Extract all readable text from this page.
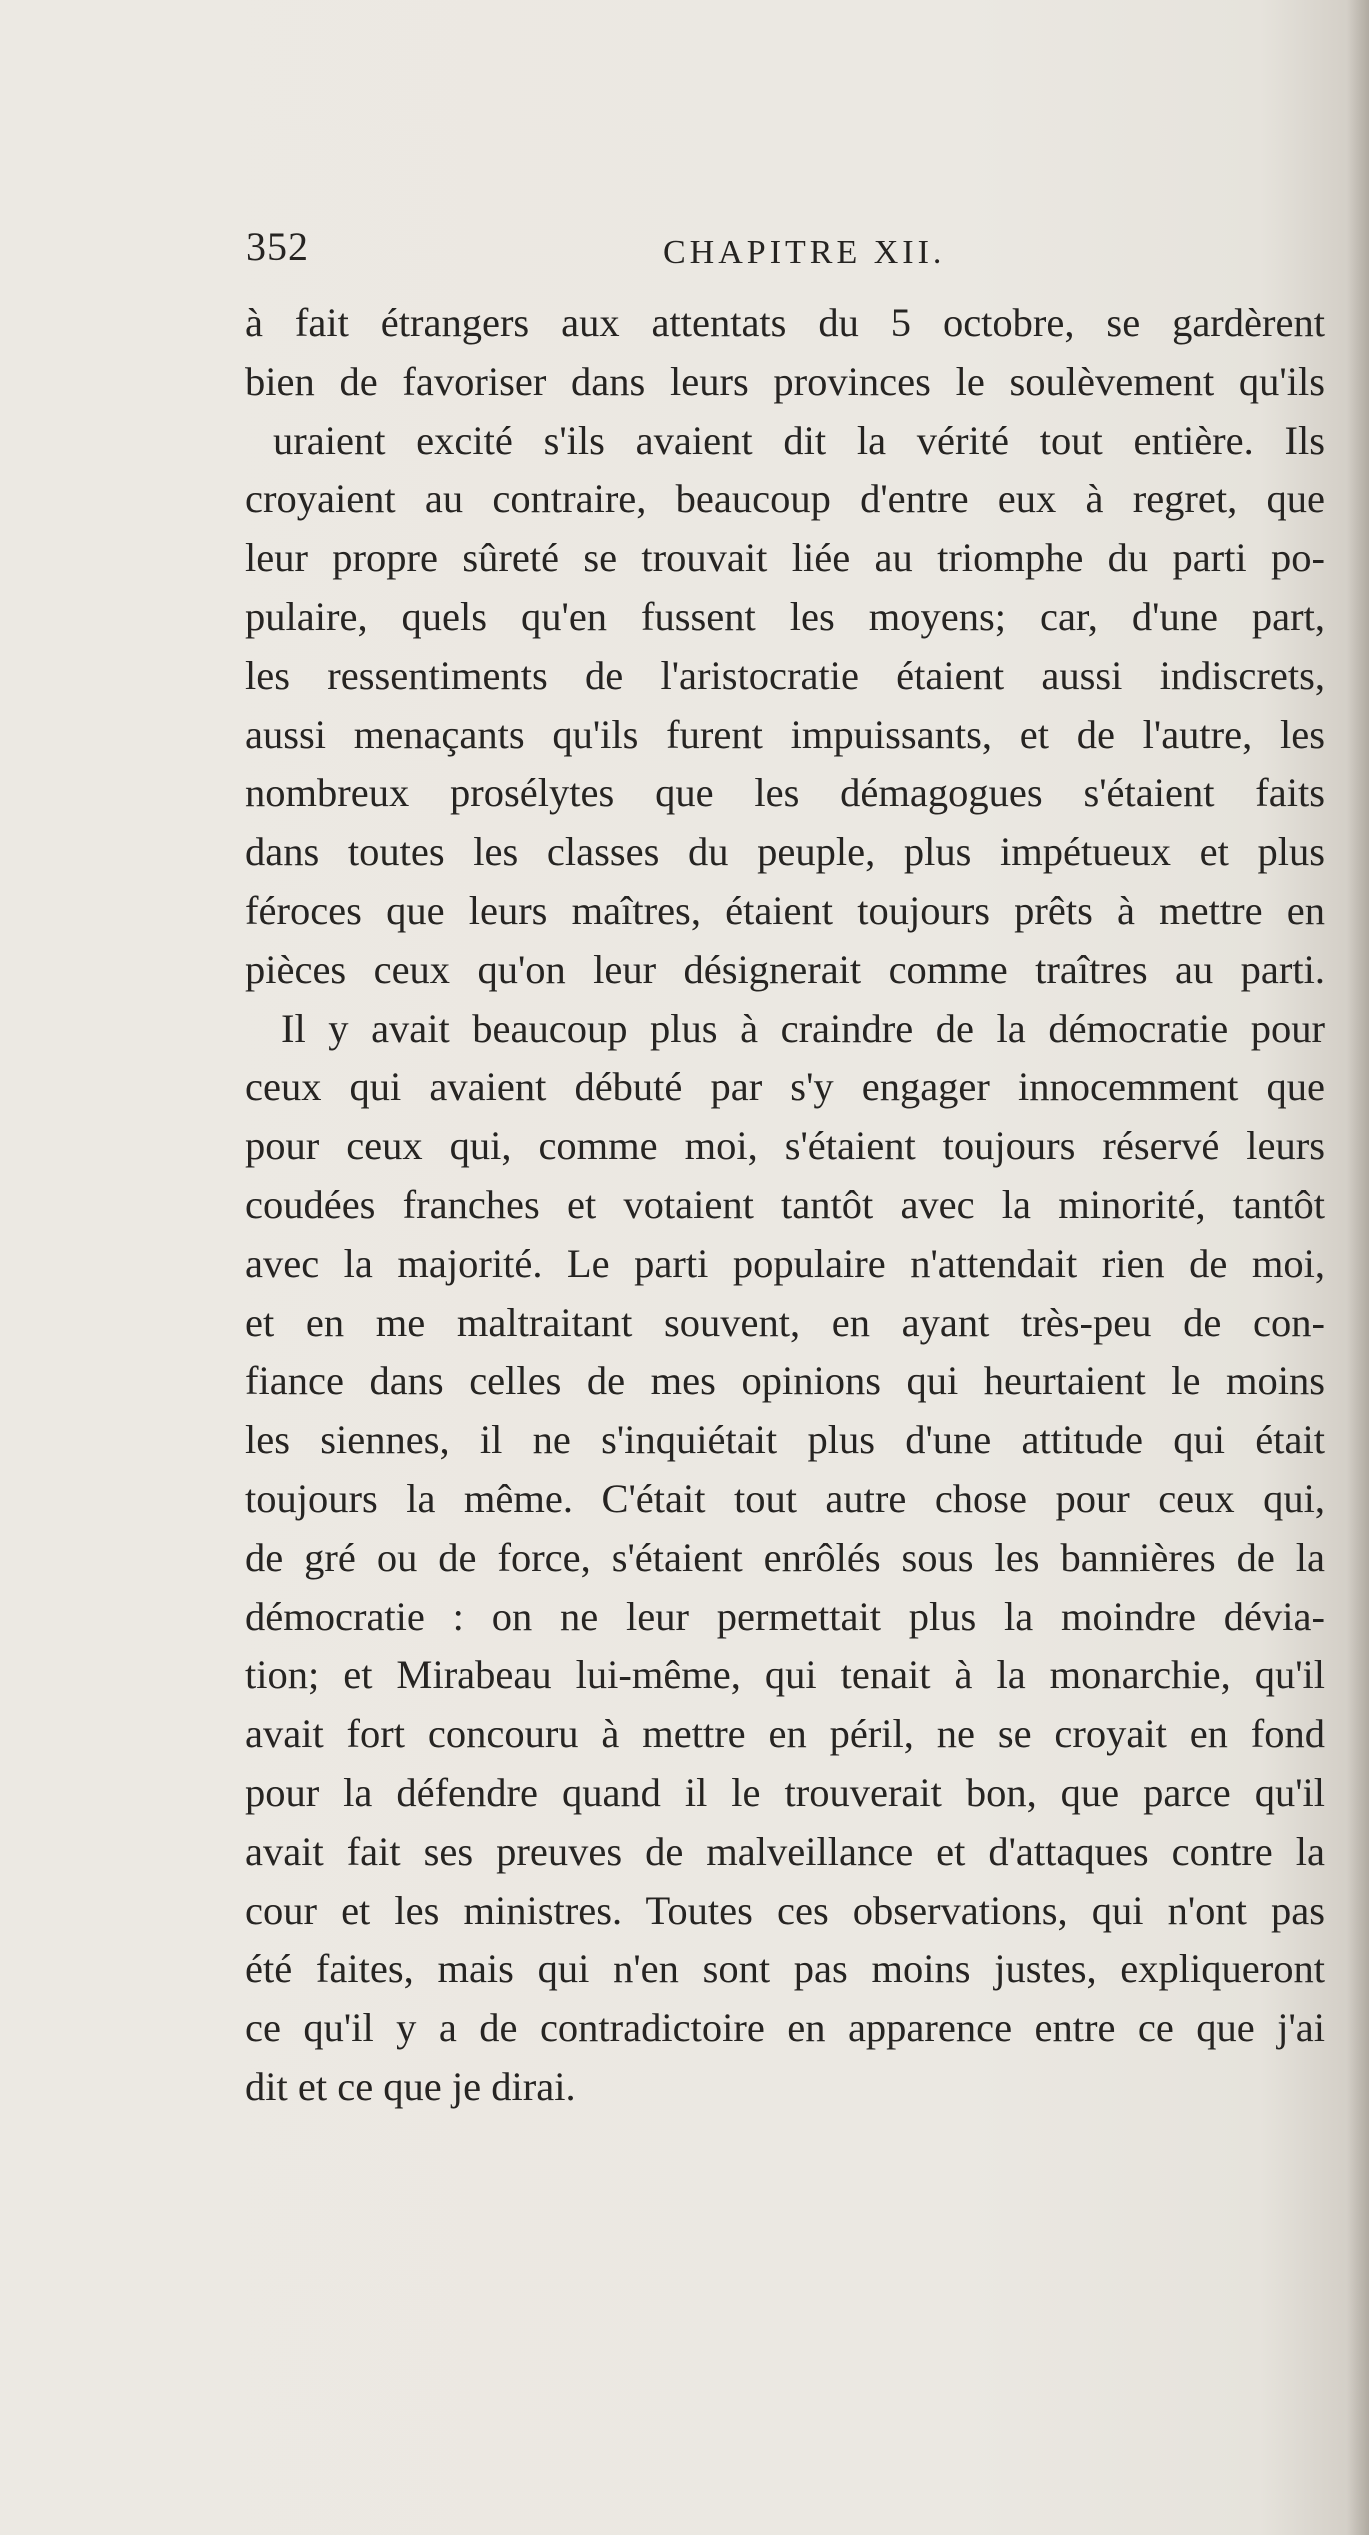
352	CHAPITRE XII.
à fait étrangers aux attentats du 5 octobre, se gardèrent
bien de favoriser dans leurs provinces le soulèvement qu'ils
uraient excité s'ils avaient dit la vérité tout entière. Ils
croyaient au contraire, beaucoup d'entre eux à regret, que
leur propre sûreté se trouvait liée au triomphe du parti po-
pulaire, quels qu'en fussent les moyens; car, d'une part,
les ressentiments de l'aristocratie étaient aussi indiscrets,
aussi menaçants qu'ils furent impuissants, et de l'autre, les
nombreux prosélytes que les démagogues s'étaient faits
dans toutes les classes du peuple, plus impétueux et plus
féroces que leurs maîtres, étaient toujours prêts à mettre en
pièces ceux qu'on leur désignerait comme traîtres au parti.
Il y avait beaucoup plus à craindre de la démocratie pour
ceux qui avaient débuté par s'y engager innocemment que
pour ceux qui, comme moi, s'étaient toujours réservé leurs
coudées franches et votaient tantôt avec la minorité, tantôt
avec la majorité. Le parti populaire n'attendait rien de moi,
et en me maltraitant souvent, en ayant très-peu de con-
fiance dans celles de mes opinions qui heurtaient le moins
les siennes, il ne s'inquiétait plus d'une attitude qui était
toujours la même. C'était tout autre chose pour ceux qui,
de gré ou de force, s'étaient enrôlés sous les bannières de la
démocratie : on ne leur permettait plus la moindre dévia-
tion; et Mirabeau lui-même, qui tenait à la monarchie, qu'il
avait fort concouru à mettre en péril, ne se croyait en fond
pour la défendre quand il le trouverait bon, que parce qu'il
avait fait ses preuves de malveillance et d'attaques contre la
cour et les ministres. Toutes ces observations, qui n'ont pas
été faites, mais qui n'en sont pas moins justes, expliqueront
ce qu'il y a de contradictoire en apparence entre ce que j'ai
dit et ce que je dirai.
